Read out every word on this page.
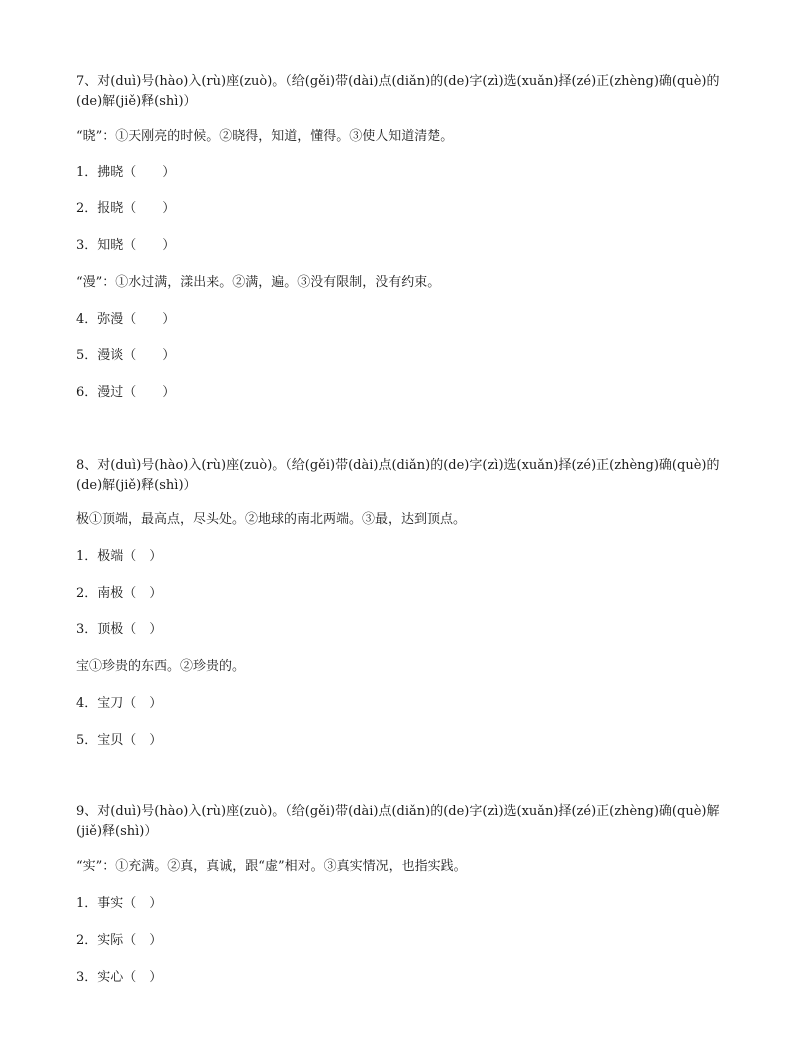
7、对(duì)号(hào)入(rù)座(zuò)。（给(gěi)带(dài)点(diǎn)的(de)字(zì)选(xuǎn)择(zé)正(zhèng)确(què)的(de)解(jiě)释(shì)）
“晓”：①天刚亮的时候。②晓得，知道，懂得。③使人知道清楚。
1．拂晓（　　）
2．报晓（　　）
3．知晓（　　）
“漫”：①水过满，漾出来。②满，遍。③没有限制，没有约束。
4．弥漫（　　）
5．漫谈（　　）
6．漫过（　　）
8、对(duì)号(hào)入(rù)座(zuò)。（给(gěi)带(dài)点(diǎn)的(de)字(zì)选(xuǎn)择(zé)正(zhèng)确(què)的(de)解(jiě)释(shì)）
极①顶端，最高点，尽头处。②地球的南北两端。③最，达到顶点。
1．极端（　）
2．南极（　）
3．顶极（　）
宝①珍贵的东西。②珍贵的。
4．宝刀（　）
5．宝贝（　）
9、对(duì)号(hào)入(rù)座(zuò)。（给(gěi)带(dài)点(diǎn)的(de)字(zì)选(xuǎn)择(zé)正(zhèng)确(què)解(jiě)释(shì)）
“实”：①充满。②真，真诚，跟“虚”相对。③真实情况，也指实践。
1．事实（　）
2．实际（　）
3．实心（　）
